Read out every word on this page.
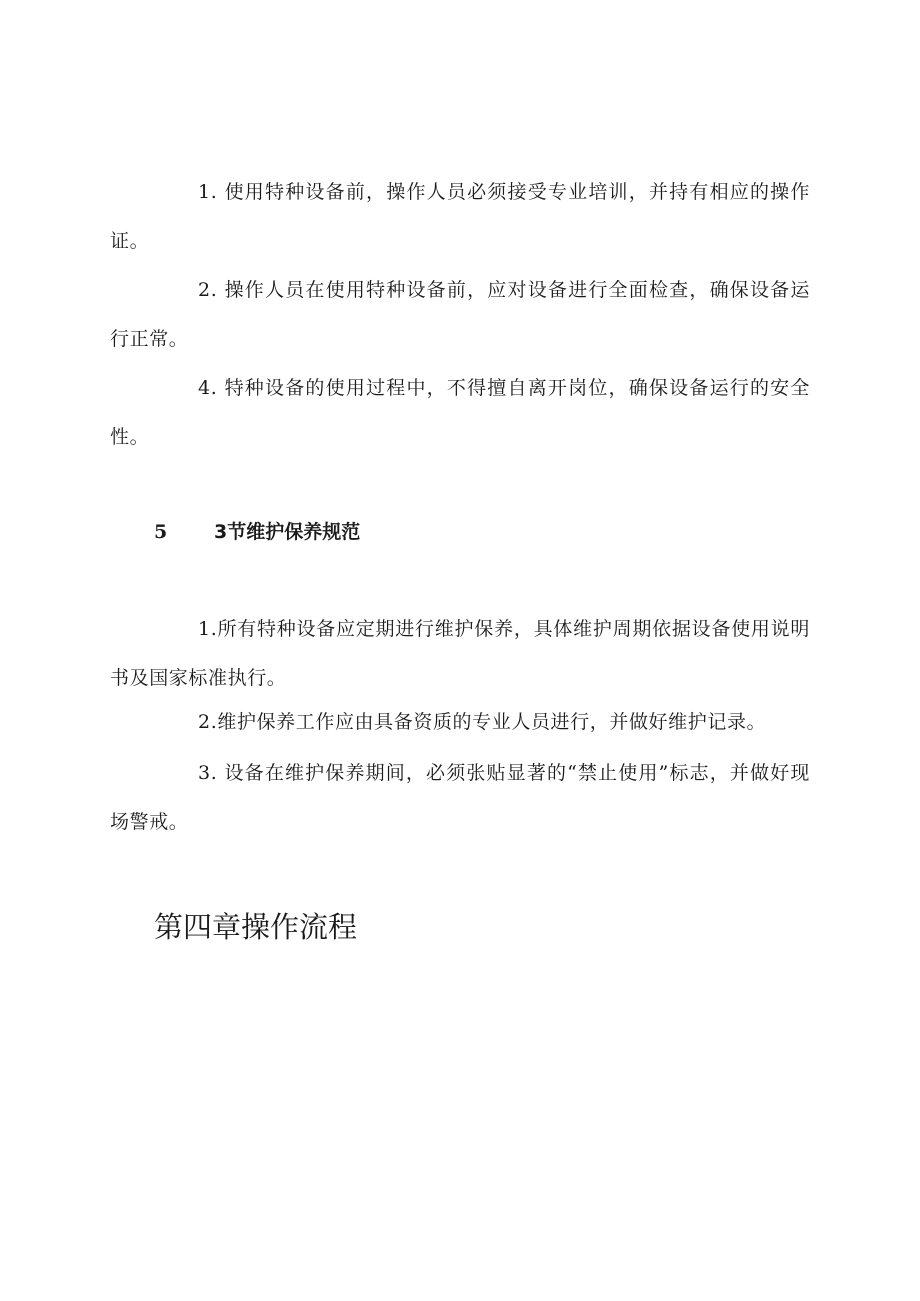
1. 使用特种设备前，操作人员必须接受专业培训，并持有相应的操作证。

2. 操作人员在使用特种设备前，应对设备进行全面检查，确保设备运行正常。

4. 特种设备的使用过程中，不得擅自离开岗位，确保设备运行的安全性。

5 3节维护保养规范

1.所有特种设备应定期进行维护保养，具体维护周期依据设备使用说明书及国家标准执行。

2.维护保养工作应由具备资质的专业人员进行，并做好维护记录。

3. 设备在维护保养期间，必须张贴显著的“禁止使用”标志，并做好现场警戒。

第四章操作流程
